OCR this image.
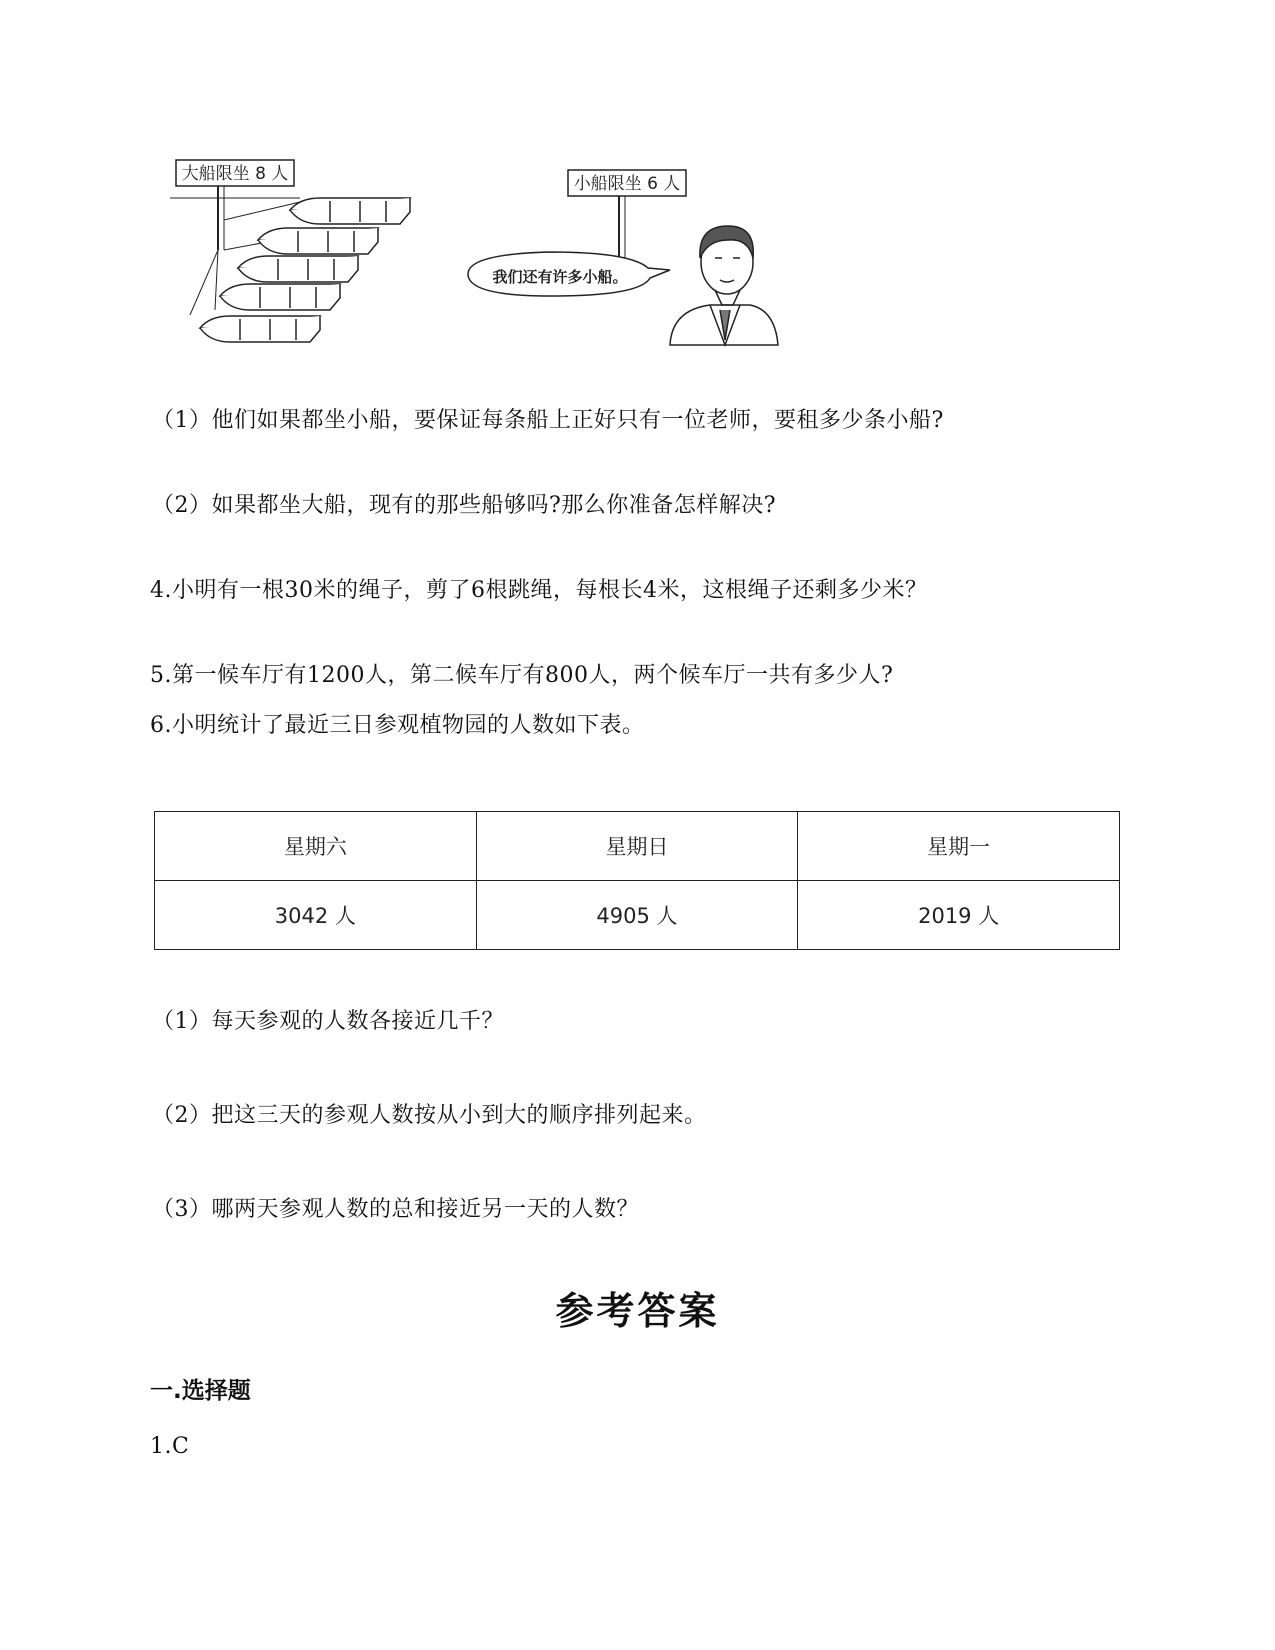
大船限坐 8 人	小船限坐 6 人
我们还有许多小船。
（1）他们如果都坐小船，要保证每条船上正好只有一位老师，要租多少条小船?
（2）如果都坐大船，现有的那些船够吗?那么你准备怎样解决?
4.小明有一根30米的绳子，剪了6根跳绳，每根长4米，这根绳子还剩多少米？
5.第一候车厅有1200人，第二候车厅有800人，两个候车厅一共有多少人?
6.小明统计了最近三日参观植物园的人数如下表。
星期六	星期日	星期一
3042 人	4905 人	2019 人
（1）每天参观的人数各接近几千？
（2）把这三天的参观人数按从小到大的顺序排列起来。
（3）哪两天参观人数的总和接近另一天的人数？
参考答案
一.选择题
1.C
